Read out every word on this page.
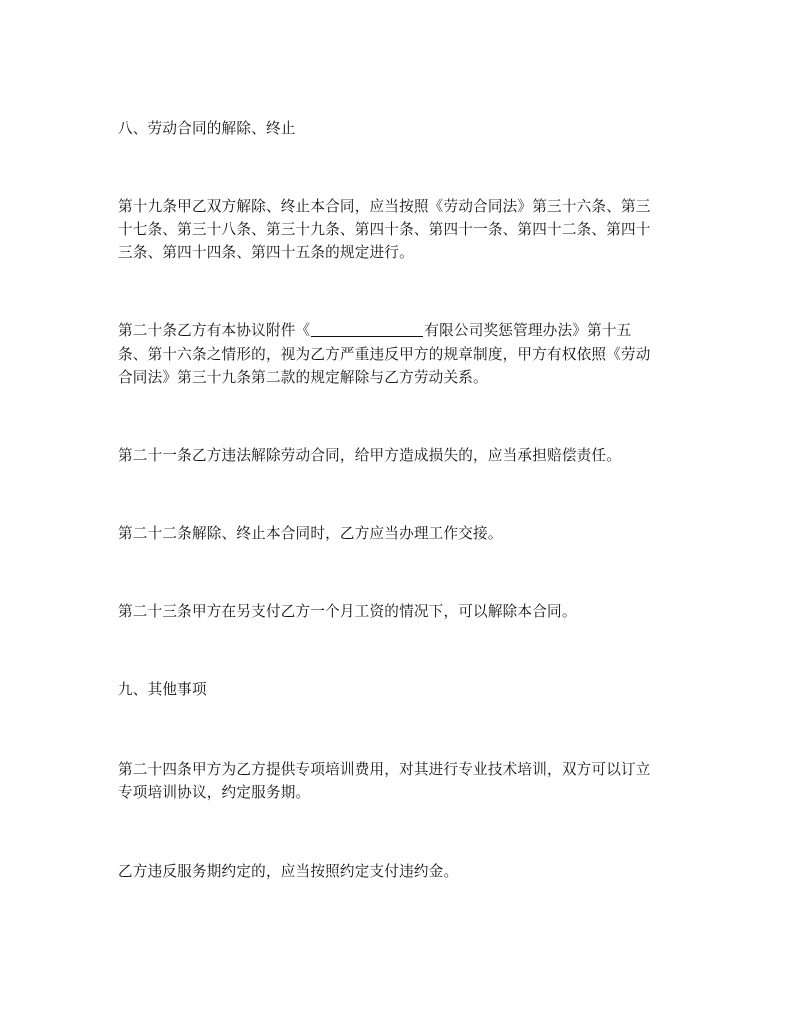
八、劳动合同的解除、终止
第十九条甲乙双方解除、终止本合同，应当按照《劳动合同法》第三十六条、第三
十七条、第三十八条、第三十九条、第四十条、第四十一条、第四十二条、第四十
三条、第四十四条、第四十五条的规定进行。
第二十条乙方有本协议附件《	有限公司奖惩管理办法》第十五
条、第十六条之情形的，视为乙方严重违反甲方的规章制度，甲方有权依照《劳动
合同法》第三十九条第二款的规定解除与乙方劳动关系。
第二十一条乙方违法解除劳动合同，给甲方造成损失的，应当承担赔偿责任。
第二十二条解除、终止本合同时，乙方应当办理工作交接。
第二十三条甲方在另支付乙方一个月工资的情况下，可以解除本合同。
九、其他事项
第二十四条甲方为乙方提供专项培训费用，对其进行专业技术培训，双方可以订立
专项培训协议，约定服务期。
乙方违反服务期约定的，应当按照约定支付违约金。
